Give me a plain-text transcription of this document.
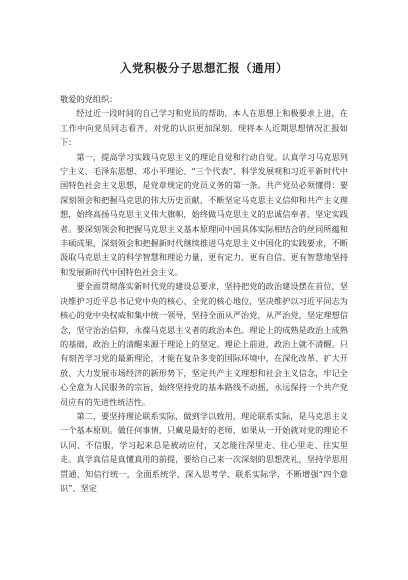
入党积极分子思想汇报（通用）
敬爱的党组织：

经过近一段时间的自己学习和党员的帮助，本人在思想上和极要求上进，在工作中向党员同志看齐，对党的认识更加深刻。现将本人近期思想情况汇报如下：

第一，提高学习实践马克思主义的理论自觉和行动自觉。认真学习马克思列宁主义、毛泽东思想、邓小平理论、“三个代表”、科学发展观和习近平新时代中国特色社会主义思想，是党章规定的党员义务的第一条。共产党员必须懂得：要深刻领会和把握马克思的伟大历史贡献，不断坚定马克思主义信仰和共产主义理想，始终高扬马克思主义伟大旗帜，始终做马克思主义的忠诚信奉者、坚定实践者。要深刻领会和把握马克思主义基本原理同中国具体实际相结合的丝同所蕴和丰硕成果，深刻领会和把握新时代继续推进马克思主义中国化的实践要求，不断汲取马克思主义的科学智慧和理论力量，更有定力、更有自信、更有智慧地坚持和发展新时代中国特色社会主义。

要全面贯彻落实新时代党的建设总要求，坚持把党的政治建设摆在首位，坚决维护习近平总书记党中央的核心、全党的核心地位，坚决维护以习近平同志为核心的党中央权威和集中统一领导，坚持全面从严治党，从严治党，坚定理想信念，坚守治治信仰，永葆马克思主义者的政治本色。理论上的成熟是政治上成熟的基础，政治上的清醒来源于理论上的坚定。理论上前进，政治上就不清醒。只有刻苦学习党的最新理论，才能在复杂多变的国际环境中，在深化改革、扩大开放、大力发展市场经济的新形势下，坚定共产主义理想和社会主义信念，牢记全心全意为人民服务的宗旨，始终坚持党的基本路线不动摇，永远保持一个共产党员应有的先进性统洁性。

第二，要坚持理论联系实际，做到学以致用，理论联系实际，是马克思主义一个基本原则。做任何事情，只藏是最好的老师，如果从一开始就对党的理论不认同、不信服，学习起来总是被动应付，又怎能往深里走、往心里走、往实里走。真学真信是真懂真用的前提，要给自己来一次深刻的思想洗礼，坚持学思用贯通、知信行统一，全面系统学、深入思考学、联系实际学，不断增强“四个意识”、坚定
